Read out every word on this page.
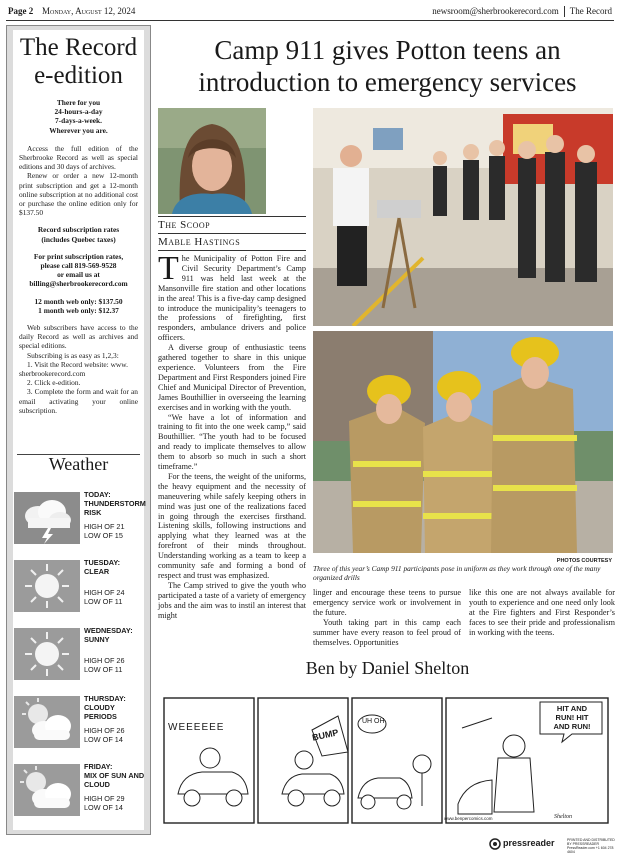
Page 2 Monday, August 12, 2024	newsroom@sherbrookerecord.com The Record
The Record
e-edition
There for you
24-hours-a-day
7-days-a-week.
Wherever you are.
Access the full edition of the Sherbrooke Record as well as special editions and 30 days of archives.
Renew or order a new 12-month print subscription and get a 12-month online subscription at no additional cost or purchase the online edition only for $137.50
Record subscription rates
(includes Quebec taxes)
For print subscription rates,
please call 819-569-9528
or email us at
billing@sherbrookerecord.com
12 month web only: $137.50
1 month web only: $12.37
Web subscribers have access to the daily Record as well as archives and special editions.
Subscribing is as easy as 1,2,3:
1. Visit the Record website: www. sherbrookerecord.com
2. Click e-edition.
3. Complete the form and wait for an email activating your online subscription.
Weather
TODAY:
THUNDERSTORM
RISK
HIGH OF 21
LOW OF 15
TUESDAY:
CLEAR
HIGH OF 24
LOW OF 11
WEDNESDAY:
SUNNY
HIGH OF 26
LOW OF 11
THURSDAY:
CLOUDY
PERIODS
HIGH OF 26
LOW OF 14
FRIDAY:
MIX OF SUN AND
CLOUD
HIGH OF 29
LOW OF 14
Camp 911 gives Potton teens an
introduction to emergency services
The Scoop
Mable Hastings

The Municipality of Potton Fire and Civil Security Department’s Camp 911 was held last week at the Mansonville fire station and other locations in the area! This is a five-day camp designed to introduce the municipality’s teenagers to the professions of firefighting, first responders, ambulance drivers and police officers.

A diverse group of enthusiastic teens gathered together to share in this unique experience. Volunteers from the Fire Department and First Responders joined Fire Chief and Municipal Director of Prevention, James Bouthillier in overseeing the learning exercises and in working with the youth.

“We have a lot of information and training to fit into the one week camp,” said Bouthillier. “The youth had to be focused and ready to implicate themselves to allow them to absorb so much in such a short timeframe.”

For the teens, the weight of the uniforms, the heavy equipment and the necessity of maneuvering while safely keeping others in mind was just one of the realizations faced in going through the exercises firsthand. Listening skills, following instructions and applying what they learned was at the forefront of their minds throughout. Understanding working as a team to keep a community safe and forming a bond of respect and trust was emphasized.

The Camp strived to give the youth who participated a taste of a variety of emergency jobs and the aim was to instil an interest that might

PHOTOS COURTESY
Three of this year’s Camp 911 participants pose in uniform as they work through one of the many organized drills

linger and encourage these teens to pursue emergency service work or involvement in the future.

Youth taking part in this camp each summer have every reason to feel proud of themselves. Opportunities

like this one are not always available for youth to experience and one need only look at the Fire fighters and First Responder’s faces to see their pride and professionalism in working with the teens.

Ben by Daniel Shelton
WEEEEEE	BUMP
UH OH
HIT AND
RUN! HIT
AND RUN!
www.benpercomics.com	Shelton
pressreader	PRINTED AND DISTRIBUTED BY PRESSREADER
PressReader.com +1 604 278 4604
